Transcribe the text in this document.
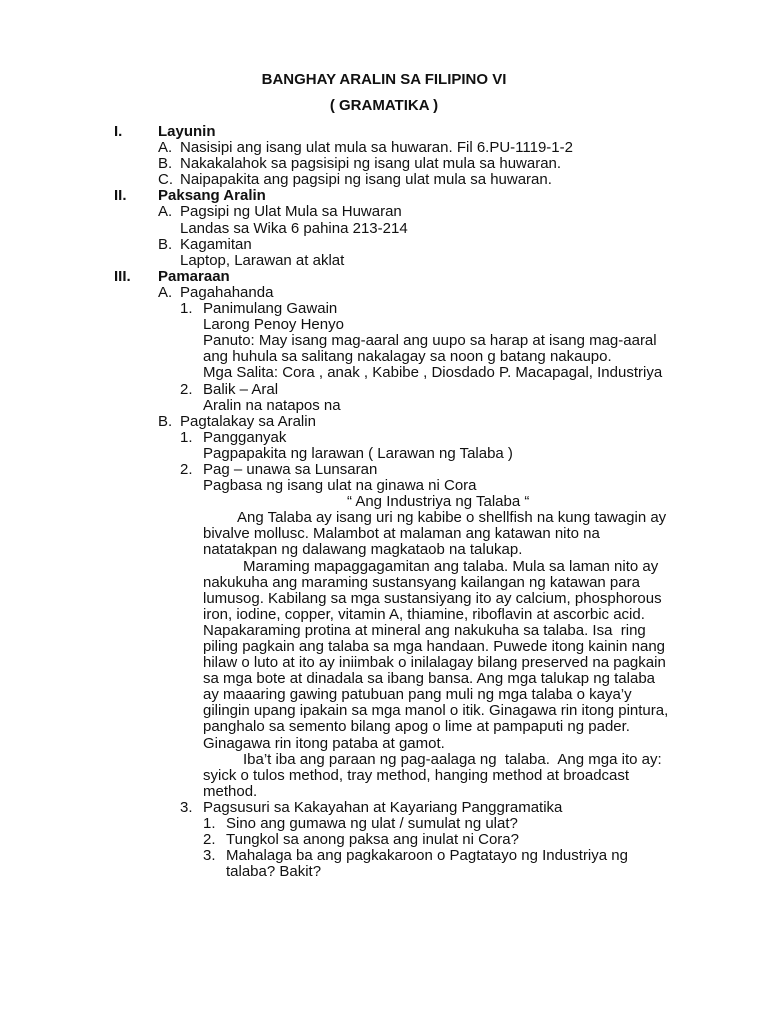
BANGHAY ARALIN SA FILIPINO VI
( GRAMATIKA )
I. Layunin
A. Nasisipi ang isang ulat mula sa huwaran. Fil 6.PU-1119-1-2
B. Nakakalahok sa pagsisipi ng isang ulat mula sa huwaran.
C. Naipapakita ang pagsipi ng isang ulat mula sa huwaran.
II. Paksang Aralin
A. Pagsipi ng Ulat Mula sa Huwaran
Landas sa Wika 6 pahina 213-214
B. Kagamitan
Laptop, Larawan at aklat
III. Pamaraan
A. Pagahahanda
1. Panimulang Gawain
Larong Penoy Henyo
Panuto: May isang mag-aaral ang uupo sa harap at isang mag-aaral
ang huhula sa salitang nakalagay sa noon g batang nakaupo.
Mga Salita: Cora , anak , Kabibe , Diosdado P. Macapagal, Industriya
2. Balik – Aral
Aralin na natapos na
B. Pagtalakay sa Aralin
1. Pangganyak
Pagpapakita ng larawan ( Larawan ng Talaba )
2. Pag – unawa sa Lunsaran
Pagbasa ng isang ulat na ginawa ni Cora
“ Ang Industriya ng Talaba “
Ang Talaba ay isang uri ng kabibe o shellfish na kung tawagin ay
bivalve mollusc. Malambot at malaman ang katawan nito na
natatakpan ng dalawang magkataob na talukap.
Maraming mapaggagamitan ang talaba. Mula sa laman nito ay
nakukuha ang maraming sustansyang kailangan ng katawan para
lumusog. Kabilang sa mga sustansiyang ito ay calcium, phosphorous
iron, iodine, copper, vitamin A, thiamine, riboflavin at ascorbic acid.
Napakaraming protina at mineral ang nakukuha sa talaba. Isa  ring
piling pagkain ang talaba sa mga handaan. Puwede itong kainin nang
hilaw o luto at ito ay iniimbak o inilalagay bilang preserved na pagkain
sa mga bote at dinadala sa ibang bansa. Ang mga talukap ng talaba
ay maaaring gawing patubuan pang muli ng mga talaba o kaya’y
gilingin upang ipakain sa mga manol o itik. Ginagawa rin itong pintura,
panghalo sa semento bilang apog o lime at pampaputi ng pader.
Ginagawa rin itong pataba at gamot.
Iba’t iba ang paraan ng pag-aalaga ng  talaba.  Ang mga ito ay:
syick o tulos method, tray method, hanging method at broadcast
method.
3. Pagsusuri sa Kakayahan at Kayariang Panggramatika
1. Sino ang gumawa ng ulat / sumulat ng ulat?
2. Tungkol sa anong paksa ang inulat ni Cora?
3. Mahalaga ba ang pagkakaroon o Pagtatayo ng Industriya ng
talaba? Bakit?
